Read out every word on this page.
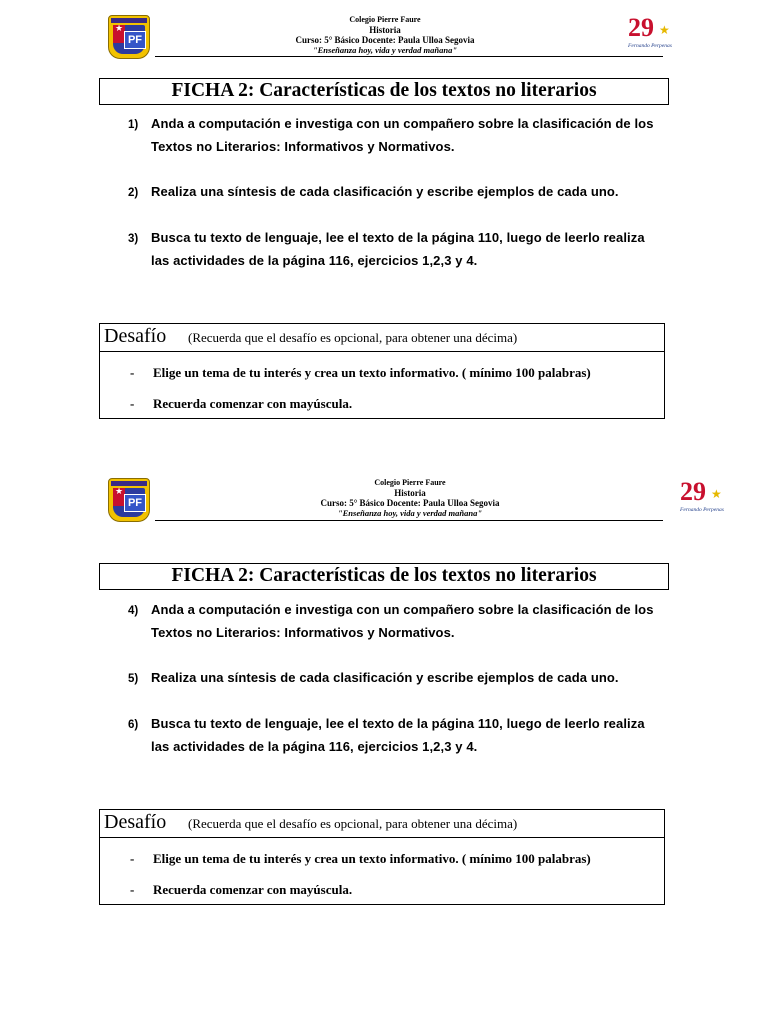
★
PF
Colegio Pierre Faure
Historia
Curso: 5° Básico Docente: Paula Ulloa Segovia
"Enseñanza hoy, vida y verdad mañana"
29 ★
Fernando Perpenas
FICHA 2: Características de los textos no literarios
1) Anda a computación e investiga con un compañero sobre la clasificación de los Textos no Literarios: Informativos y Normativos.
2) Realiza una síntesis de cada clasificación y escribe ejemplos de cada uno.
3) Busca tu texto de lenguaje, lee el texto de la página 110, luego de leerlo realiza las actividades de la página 116, ejercicios 1,2,3 y 4.
Desafío (Recuerda que el desafío es opcional, para obtener una décima)
- Elige un tema de tu interés y crea un texto informativo. ( mínimo 100 palabras)
- Recuerda comenzar con mayúscula.
★
PF
Colegio Pierre Faure
Historia
Curso: 5° Básico Docente: Paula Ulloa Segovia
"Enseñanza hoy, vida y verdad mañana"
29 ★
Fernando Perpenas
FICHA 2: Características de los textos no literarios
4) Anda a computación e investiga con un compañero sobre la clasificación de los Textos no Literarios: Informativos y Normativos.
5) Realiza una síntesis de cada clasificación y escribe ejemplos de cada uno.
6) Busca tu texto de lenguaje, lee el texto de la página 110, luego de leerlo realiza las actividades de la página 116, ejercicios 1,2,3 y 4.
Desafío (Recuerda que el desafío es opcional, para obtener una décima)
- Elige un tema de tu interés y crea un texto informativo. ( mínimo 100 palabras)
- Recuerda comenzar con mayúscula.
